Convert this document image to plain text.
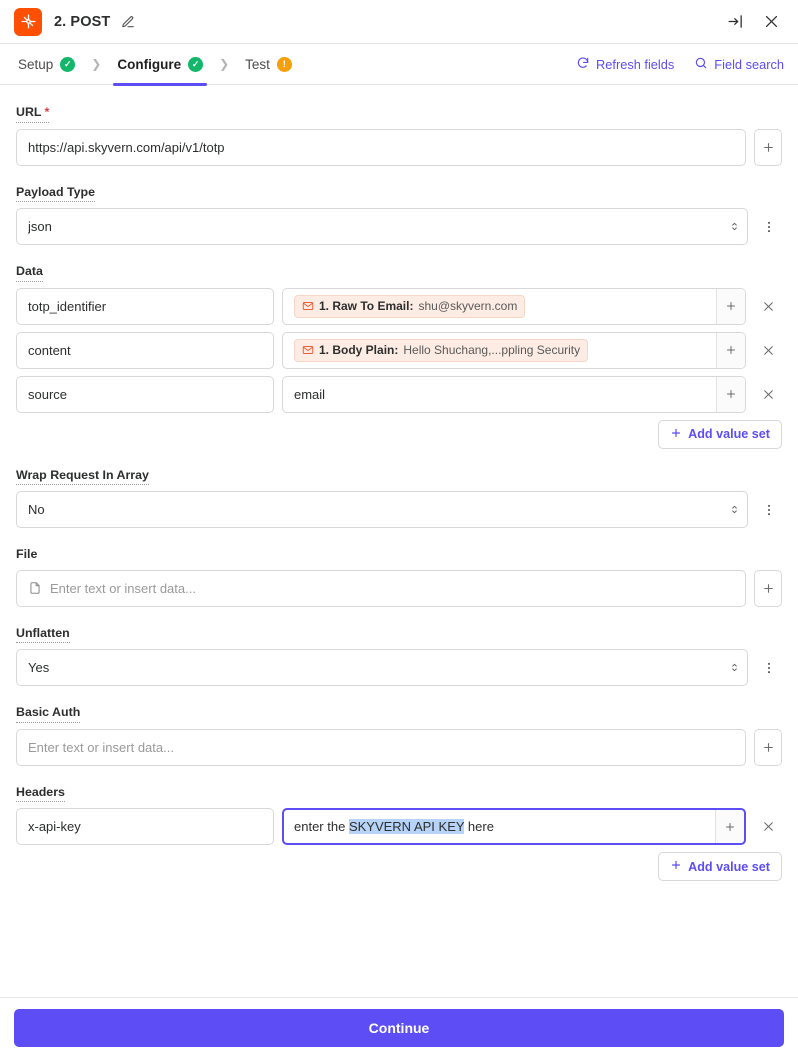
2. POST
Setup	✓	❯ Configure	✓	❯ Test	!	Refresh fields	Field search
URL *
https://api.skyvern.com/api/v1/totp
Payload Type
json
Data
totp_identifier	1. Raw To Email: shu@skyvern.com
content	1. Body Plain: Hello Shuchang,...ppling Security
source	email
Add value set
Wrap Request In Array
No
File
Enter text or insert data...
Unflatten
Yes
Basic Auth
Enter text or insert data...
Headers
x-api-key	enter the SKYVERN API KEY here
Add value set
Continue
